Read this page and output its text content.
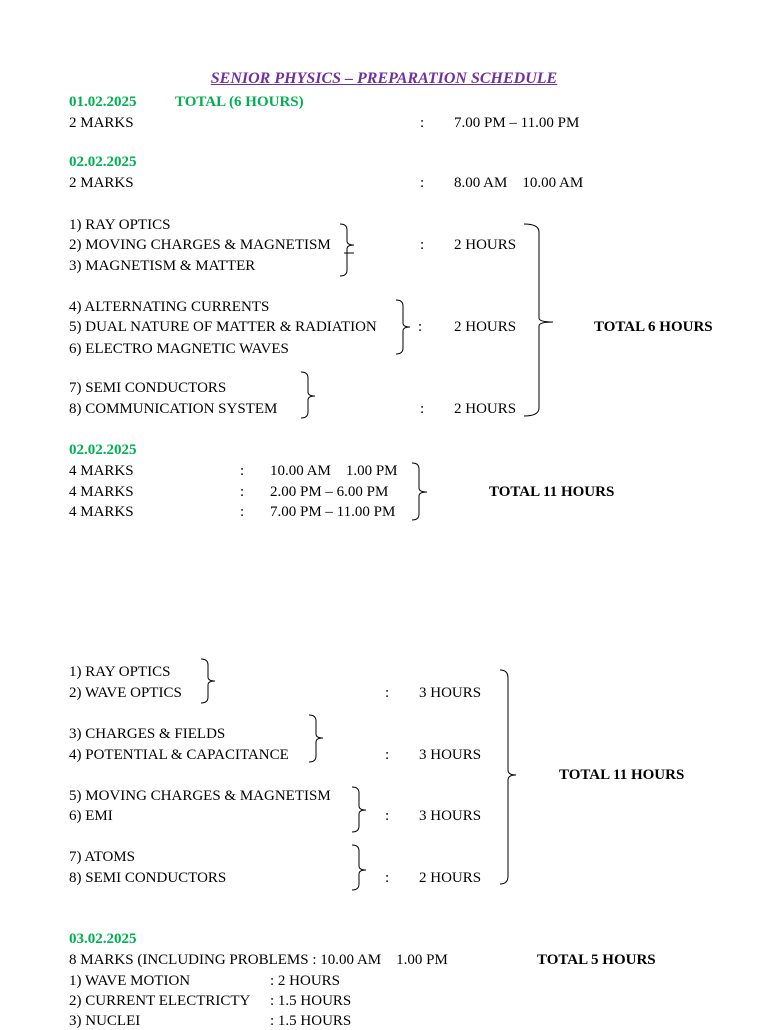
SENIOR PHYSICS – PREPARATION SCHEDULE
01.02.2025	TOTAL (6 HOURS)
2 MARKS	: 7.00 PM – 11.00 PM
02.02.2025
2 MARKS	: 8.00 AM    10.00 AM
1) RAY OPTICS
2) MOVING CHARGES & MAGNETISM
3) MAGNETISM & MATTER
: 2 HOURS
4) ALTERNATING CURRENTS
5) DUAL NATURE OF MATTER & RADIATION
6) ELECTRO MAGNETIC WAVES
: 2 HOURS
7) SEMI CONDUCTORS
8) COMMUNICATION SYSTEM	: 2 HOURS
TOTAL 6 HOURS
02.02.2025
4 MARKS	: 10.00 AM    1.00 PM
4 MARKS	: 2.00 PM – 6.00 PM
4 MARKS	: 7.00 PM – 11.00 PM
TOTAL 11 HOURS
1) RAY OPTICS
2) WAVE OPTICS	: 3 HOURS
3) CHARGES & FIELDS
4) POTENTIAL & CAPACITANCE	: 3 HOURS
5) MOVING CHARGES & MAGNETISM
6) EMI	: 3 HOURS
7) ATOMS
8) SEMI CONDUCTORS	: 2 HOURS
TOTAL 11 HOURS
03.02.2025
8 MARKS (INCLUDING PROBLEMS : 10.00 AM    1.00 PM	TOTAL 5 HOURS
1) WAVE MOTION	: 2 HOURS
2) CURRENT ELECTRICTY : 1.5 HOURS
3) NUCLEI	: 1.5 HOURS
